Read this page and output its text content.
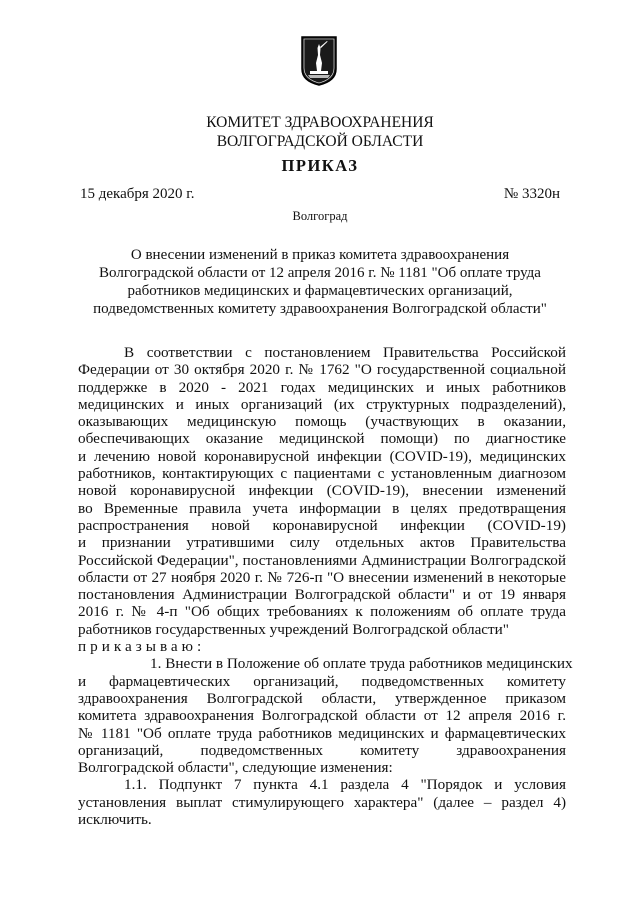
КОМИТЕТ ЗДРАВООХРАНЕНИЯ
ВОЛГОГРАДСКОЙ ОБЛАСТИ
ПРИКАЗ
15 декабря 2020 г.	№ 3320н
Волгоград
О внесении изменений в приказ комитета здравоохранения
Волгоградской области от 12 апреля 2016 г. № 1181 "Об оплате труда
работников медицинских и фармацевтических организаций,
подведомственных комитету здравоохранения Волгоградской области"
В соответствии с постановлением Правительства Российской
Федерации от 30 октября 2020 г. № 1762 "О государственной социальной
поддержке в 2020 - 2021 годах медицинских и иных работников
медицинских и иных организаций (их структурных подразделений),
оказывающих медицинскую помощь (участвующих в оказании,
обеспечивающих оказание медицинской помощи) по диагностике
и лечению новой коронавирусной инфекции (COVID-19), медицинских
работников, контактирующих с пациентами с установленным диагнозом
новой коронавирусной инфекции (COVID-19), внесении изменений
во Временные правила учета информации в целях предотвращения
распространения новой коронавирусной инфекции (COVID-19)
и признании утратившими силу отдельных актов Правительства
Российской Федерации", постановлениями Администрации Волгоградской
области от 27 ноября 2020 г. № 726-п "О внесении изменений в некоторые
постановления Администрации Волгоградской области" и от 19 января
2016 г. № 4-п "Об общих требованиях к положениям об оплате труда
работников государственных учреждений Волгоградской области"
приказываю:
1. Внести в Положение об оплате труда работников медицинских
и фармацевтических организаций, подведомственных комитету
здравоохранения Волгоградской области, утвержденное приказом
комитета здравоохранения Волгоградской области от 12 апреля 2016 г.
№ 1181 "Об оплате труда работников медицинских и фармацевтических
организаций, подведомственных комитету здравоохранения
Волгоградской области", следующие изменения:
1.1. Подпункт 7 пункта 4.1 раздела 4 "Порядок и условия
установления выплат стимулирующего характера" (далее – раздел 4)
исключить.
